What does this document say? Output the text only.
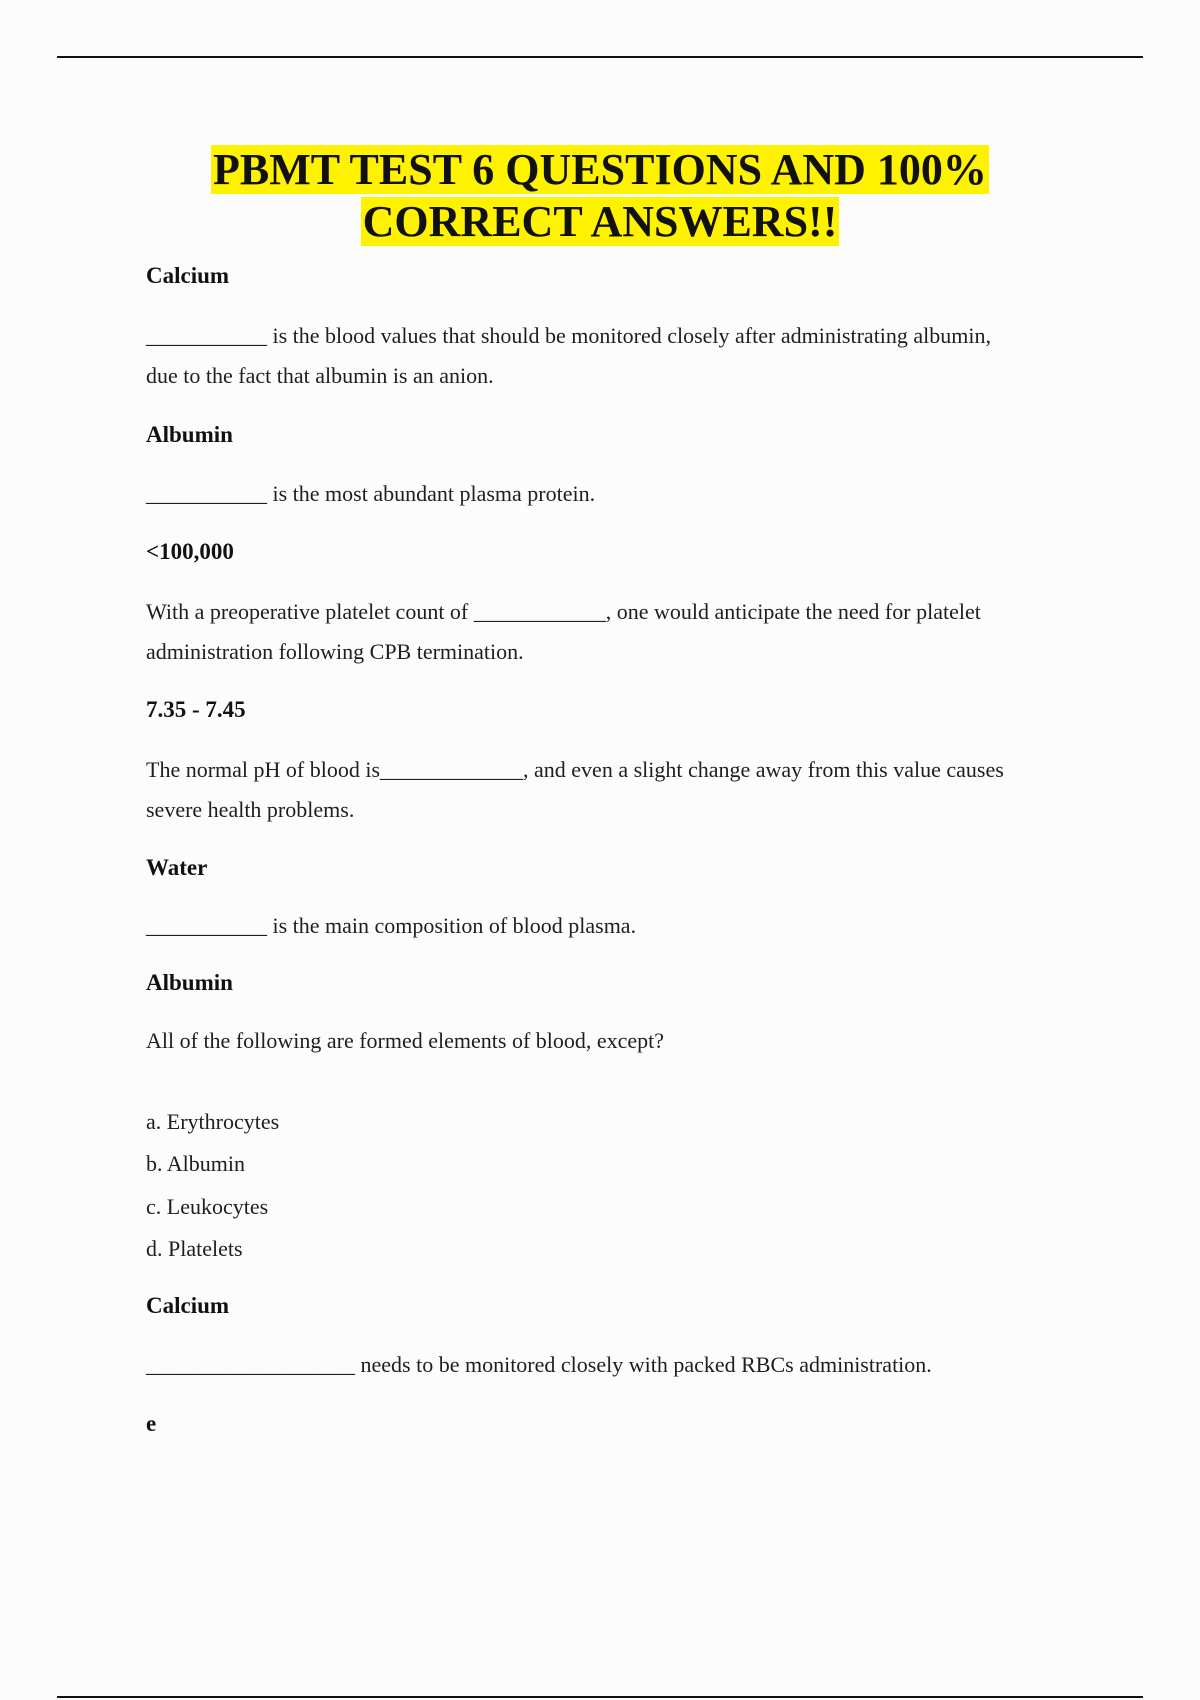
PBMT TEST 6 QUESTIONS AND 100%
CORRECT ANSWERS!!
Calcium
___________ is the blood values that should be monitored closely after administrating albumin,
due to the fact that albumin is an anion.
Albumin
___________ is the most abundant plasma protein.
<100,000
With a preoperative platelet count of ____________, one would anticipate the need for platelet
administration following CPB termination.
7.35 - 7.45
The normal pH of blood is_____________, and even a slight change away from this value causes
severe health problems.
Water
___________ is the main composition of blood plasma.
Albumin
All of the following are formed elements of blood, except?
a. Erythrocytes
b. Albumin
c. Leukocytes
d. Platelets
Calcium
___________________ needs to be monitored closely with packed RBCs administration.
e
